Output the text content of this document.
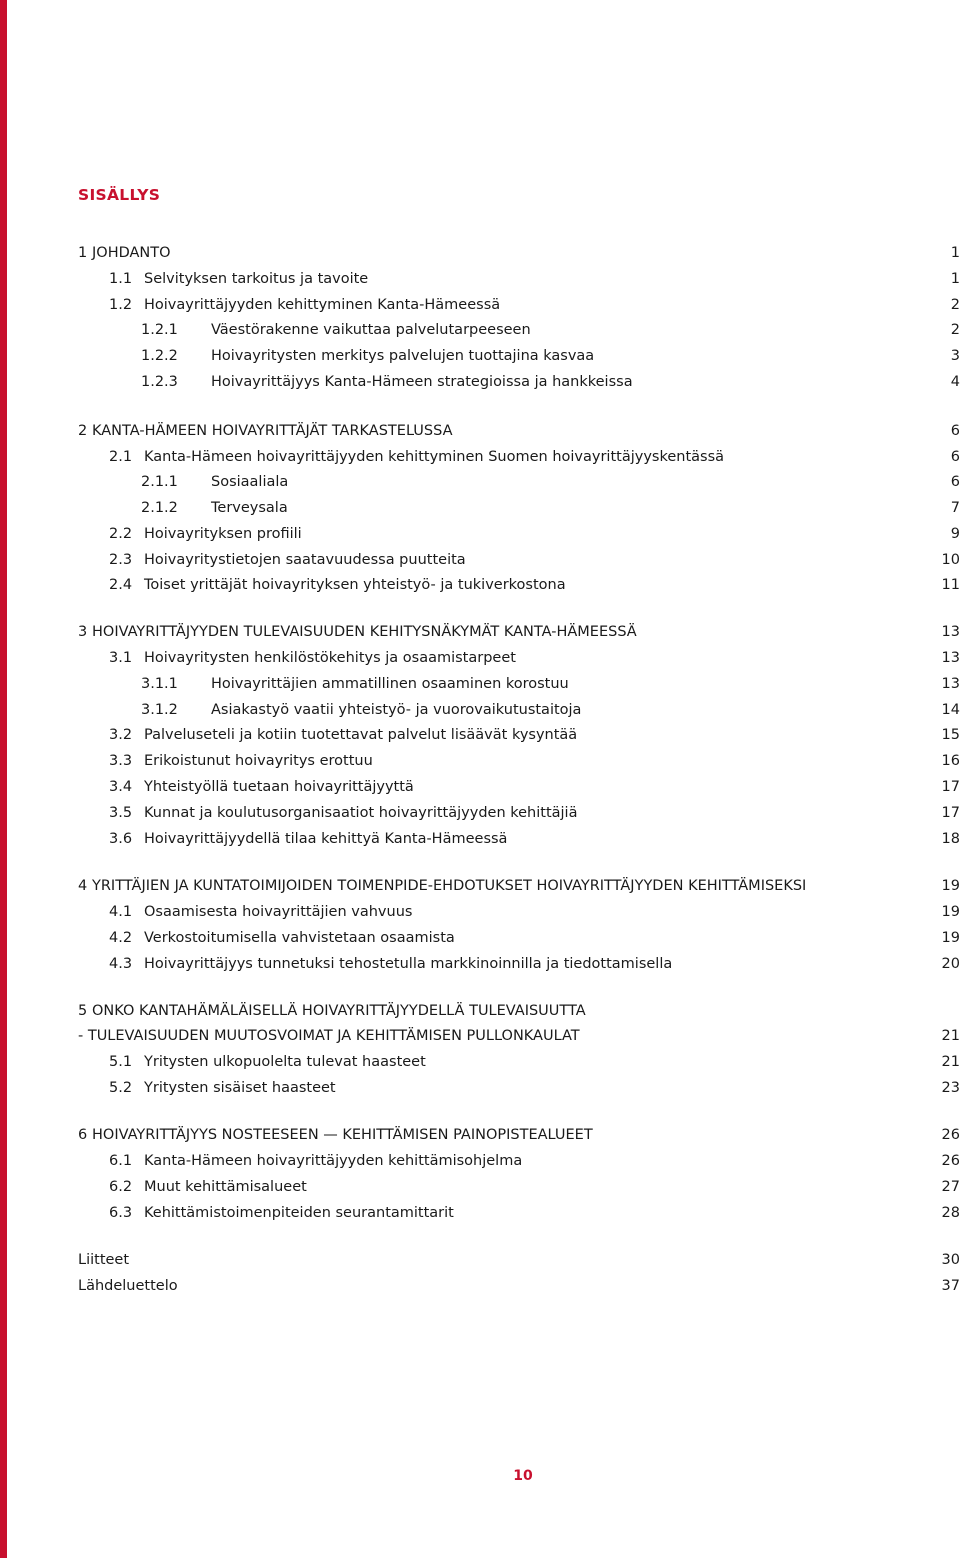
SISÄLLYS
1 JOHDANTO	1
1.1 Selvityksen tarkoitus ja tavoite	1
1.2 Hoivayrittäjyyden kehittyminen Kanta-Hämeessä	2
1.2.1 Väestörakenne vaikuttaa palvelutarpeeseen	2
1.2.2 Hoivayritysten merkitys palvelujen tuottajina kasvaa	3
1.2.3 Hoivayrittäjyys Kanta-Hämeen strategioissa ja hankkeissa	4
2 KANTA-HÄMEEN HOIVAYRITTÄJÄT TARKASTELUSSA	6
2.1 Kanta-Hämeen hoivayrittäjyyden kehittyminen Suomen hoivayrittäjyyskentässä	6
2.1.1 Sosiaaliala	6
2.1.2 Terveysala	7
2.2 Hoivayrityksen profiili	9
2.3 Hoivayritystietojen saatavuudessa puutteita	10
2.4 Toiset yrittäjät hoivayrityksen yhteistyö- ja tukiverkostona	11
3 HOIVAYRITTÄJYYDEN TULEVAISUUDEN KEHITYSNÄKYMÄT KANTA-HÄMEESSÄ	13
3.1 Hoivayritysten henkilöstökehitys ja osaamistarpeet	13
3.1.1 Hoivayrittäjien ammatillinen osaaminen korostuu	13
3.1.2 Asiakastyö vaatii yhteistyö- ja vuorovaikutustaitoja	14
3.2 Palveluseteli ja kotiin tuotettavat palvelut lisäävät kysyntää	15
3.3 Erikoistunut hoivayritys erottuu	16
3.4 Yhteistyöllä tuetaan hoivayrittäjyyttä	17
3.5 Kunnat ja koulutusorganisaatiot hoivayrittäjyyden kehittäjiä	17
3.6 Hoivayrittäjyydellä tilaa kehittyä Kanta-Hämeessä	18
4 YRITTÄJIEN JA KUNTATOIMIJOIDEN TOIMENPIDE-EHDOTUKSET HOIVAYRITTÄJYYDEN KEHITTÄMISEKSI	19
4.1 Osaamisesta hoivayrittäjien vahvuus	19
4.2 Verkostoitumisella vahvistetaan osaamista	19
4.3 Hoivayrittäjyys tunnetuksi tehostetulla markkinoinnilla ja tiedottamisella	20
5 ONKO KANTAHÄMÄLÄISELLÄ HOIVAYRITTÄJYYDELLÄ TULEVAISUUTTA
- TULEVAISUUDEN MUUTOSVOIMAT JA KEHITTÄMISEN PULLONKAULAT	21
5.1 Yritysten ulkopuolelta tulevat haasteet	21
5.2 Yritysten sisäiset haasteet	23
6 HOIVAYRITTÄJYYS NOSTEESEEN — KEHITTÄMISEN PAINOPISTEALUEET	26
6.1 Kanta-Hämeen hoivayrittäjyyden kehittämisohjelma	26
6.2 Muut kehittämisalueet	27
6.3 Kehittämistoimenpiteiden seurantamittarit	28
Liitteet	30
Lähdeluettelo	37
10
